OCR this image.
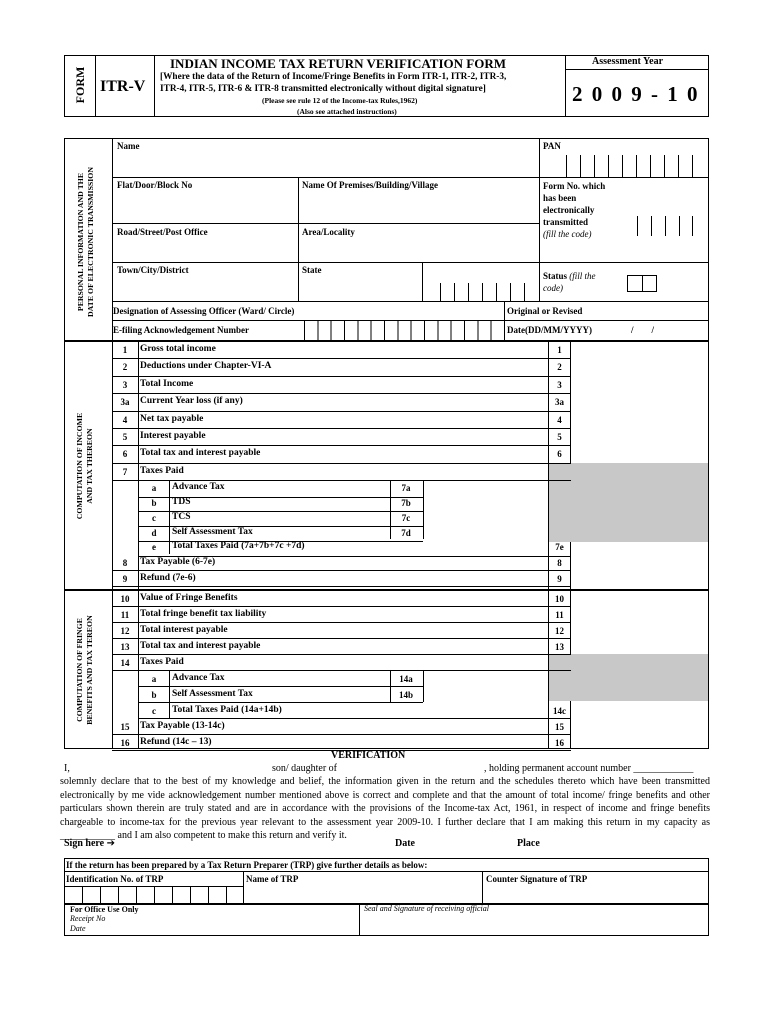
FORM ITR-V
INDIAN INCOME TAX RETURN VERIFICATION FORM
[Where the data of the Return of Income/Fringe Benefits in Form ITR-1, ITR-2, ITR-3,
ITR-4, ITR-5, ITR-6 & ITR-8 transmitted electronically without digital signature]
(Please see rule 12 of the Income-tax Rules,1962)
(Also see attached instructions)
Assessment Year
2 0 0 9 - 1 0
PERSONAL INFORMATION AND THE
DATE OF ELECTRONIC TRANSMISSION
Name	PAN
Flat/Door/Block No	Name Of Premises/Building/Village	Form No. which
has been
electronically
transmitted
(fill the code)
Road/Street/Post Office	Area/Locality
Town/City/District	State
Status (fill the
code)
Designation of Assessing Officer (Ward/ Circle)	Original or Revised
E-filing Acknowledgement Number	Date(DD/MM/YYYY)	/        /
COMPUTATION OF INCOME
AND TAX THEREON
1	Gross total income	1
2	Deductions under Chapter-VI-A	2
3	Total Income	3
3a	Current Year loss (if any)	3a
4	Net tax payable	4
5	Interest payable	5
6	Total tax and interest payable	6
7	Taxes Paid
a	Advance Tax	7a
b	TDS	7b
c	TCS	7c
d	Self Assessment Tax	7d
e	Total Taxes Paid (7a+7b+7c +7d)	7e
8	Tax Payable (6-7e)	8
9	Refund (7e-6)	9
COMPUTATION OF FRINGE
BENEFITS AND TAX TEREON
10	Value of Fringe Benefits	10
11	Total fringe benefit tax liability	11
12	Total interest payable	12
13	Total tax and interest payable	13
14	Taxes Paid
a	Advance Tax	14a
b	Self Assessment Tax	14b
c	Total Taxes Paid (14a+14b)	14c
15	Tax Payable (13-14c)	15
16	Refund (14c – 13)	16
VERIFICATION
I,	son/ daughter of	, holding permanent account number ____________
solemnly declare that to the best of my knowledge and belief, the information given in the return and the schedules thereto which have been transmitted electronically by me vide acknowledgement number mentioned above is correct and complete and that the amount of total income/ fringe benefits and other particulars shown therein are truly stated and are in accordance with the provisions of the Income-tax Act, 1961, in respect of income and fringe benefits chargeable to income-tax for the previous year relevant to the assessment year 2009-10. I further declare that I am making this return in my capacity as ___________ and I am also competent to make this return and verify it.
Sign here ➔	Date	Place
If the return has been prepared by a Tax Return Preparer (TRP) give further details as below:
Identification No. of TRP	Name of TRP	Counter Signature of TRP
For Office Use Only
Receipt No
Date
Seal and Signature of receiving official
